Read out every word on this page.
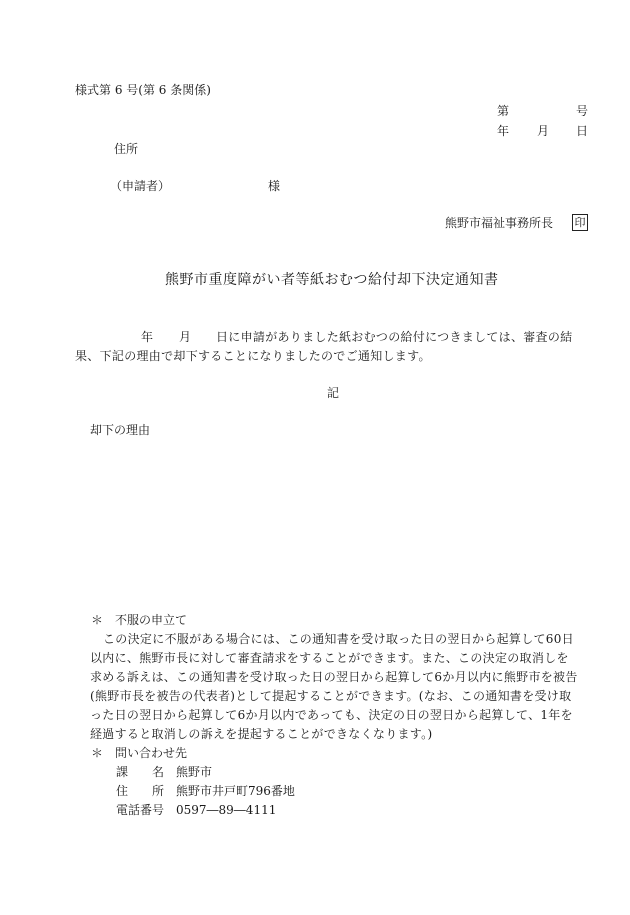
様式第 6 号(第 6 条関係)
第	号
年 月 日
住所
（申請者）	様
熊野市福祉事務所長 印
熊野市重度障がい者等紙おむつ給付却下決定通知書
年 月 日に申請がありました紙おむつの給付につきましては、審査の結
果、下記の理由で却下することになりましたのでご通知します。
記
却下の理由
＊　不服の申立て
この決定に不服がある場合には、この通知書を受け取った日の翌日から起算して60日
以内に、熊野市長に対して審査請求をすることができます。また、この決定の取消しを
求める訴えは、この通知書を受け取った日の翌日から起算して6か月以内に熊野市を被告
(熊野市長を被告の代表者)として提起することができます。(なお、この通知書を受け取
った日の翌日から起算して6か月以内であっても、決定の日の翌日から起算して、1年を
経過すると取消しの訴えを提起することができなくなります。)
＊　問い合わせ先
課　　名 熊野市
住　　所 熊野市井戸町796番地
電話番号 0597―89―4111
